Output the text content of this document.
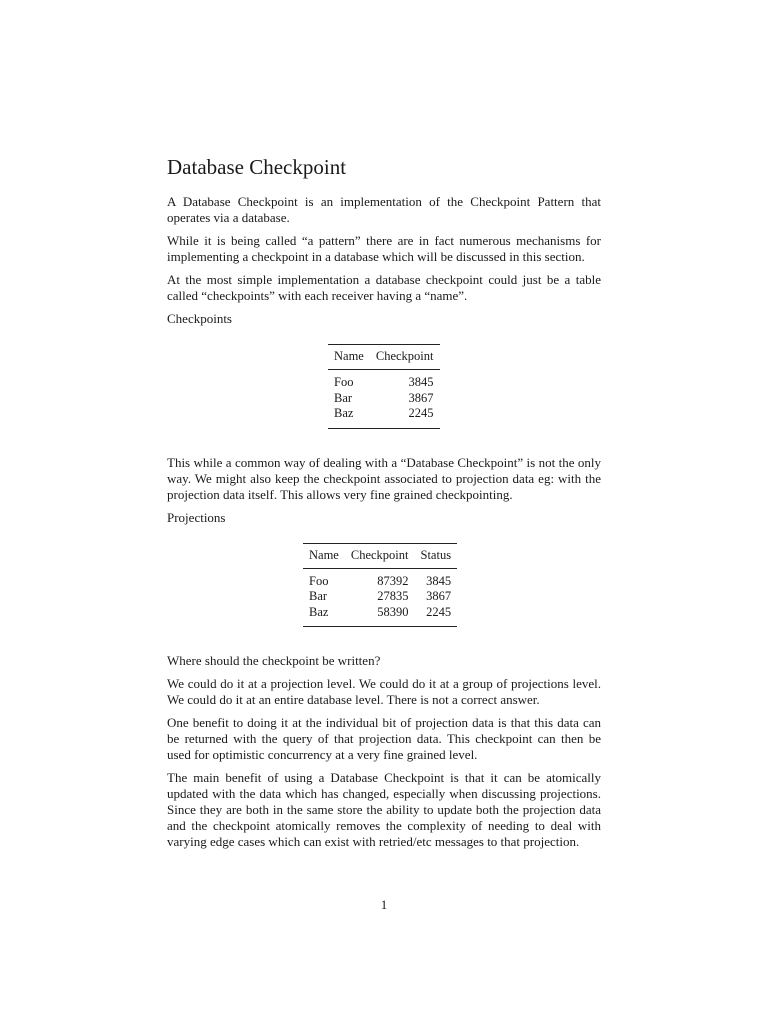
Database Checkpoint

A Database Checkpoint is an implementation of the Checkpoint Pattern that operates via a database.

While it is being called “a pattern” there are in fact numerous mechanisms for implementing a checkpoint in a database which will be discussed in this section.

At the most simple implementation a database checkpoint could just be a table called “checkpoints” with each receiver having a “name”.

Checkpoints

Name	Checkpoint
Foo	3845
Bar	3867
Baz	2245

This while a common way of dealing with a “Database Checkpoint” is not the only way. We might also keep the checkpoint associated to projection data eg: with the projection data itself. This allows very fine grained checkpointing.

Projections

Name	Checkpoint	Status
Foo	87392	3845
Bar	27835	3867
Baz	58390	2245

Where should the checkpoint be written?

We could do it at a projection level. We could do it at a group of projections level. We could do it at an entire database level. There is not a correct answer.

One benefit to doing it at the individual bit of projection data is that this data can be returned with the query of that projection data. This checkpoint can then be used for optimistic concurrency at a very fine grained level.

The main benefit of using a Database Checkpoint is that it can be atomically updated with the data which has changed, especially when discussing projections. Since they are both in the same store the ability to update both the projection data and the checkpoint atomically removes the complexity of needing to deal with varying edge cases which can exist with retried/etc messages to that projection.

1
